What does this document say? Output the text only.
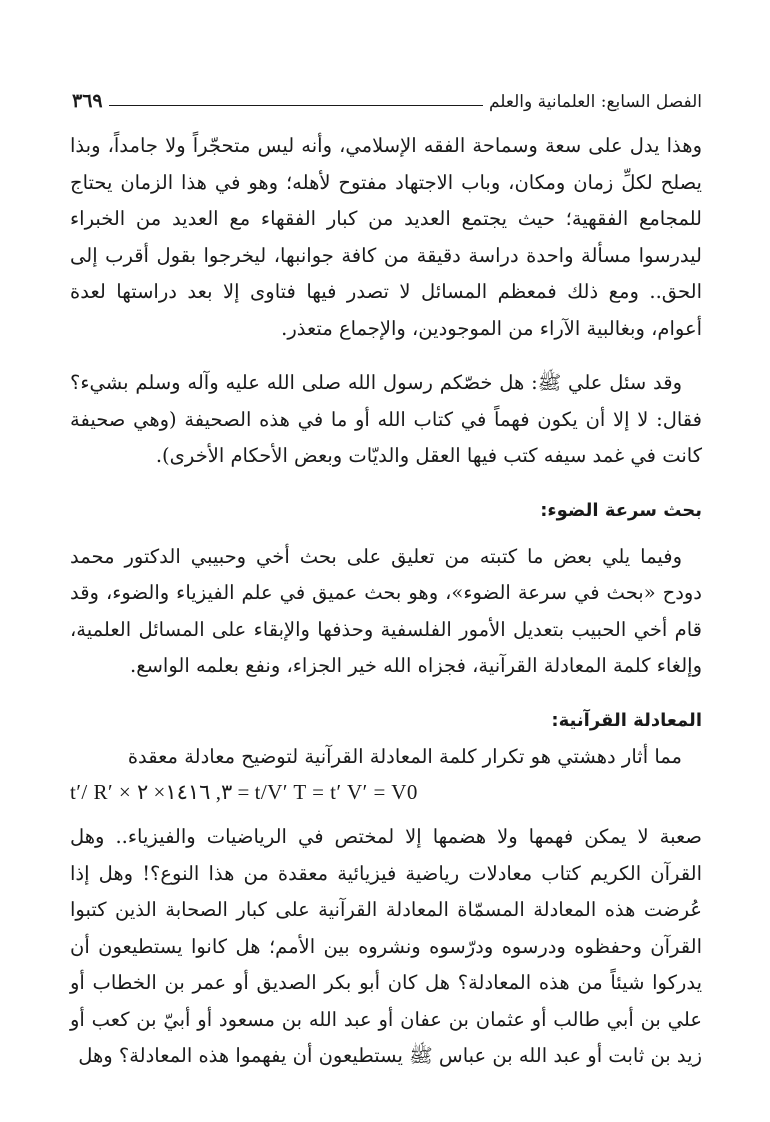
الفصل السابع: العلمانية والعلم
٣٦٩

وهذا يدل على سعة وسماحة الفقه الإسلامي، وأنه ليس متحجّراً ولا جامداً، وبذا يصلح لكلِّ زمان ومكان، وباب الاجتهاد مفتوح لأهله؛ وهو في هذا الزمان يحتاج للمجامع الفقهية؛ حيث يجتمع العديد من كبار الفقهاء مع العديد من الخبراء ليدرسوا مسألة واحدة دراسة دقيقة من كافة جوانبها، ليخرجوا بقول أقرب إلى الحق.. ومع ذلك فمعظم المسائل لا تصدر فيها فتاوى إلا بعد دراستها لعدة أعوام، وبغالبية الآراء من الموجودين، والإجماع متعذر.

وقد سئل علي ﷺ: هل خصّكم رسول الله صلى الله عليه وآله وسلم بشيء؟ فقال: لا إلا أن يكون فهماً في كتاب الله أو ما في هذه الصحيفة (وهي صحيفة كانت في غمد سيفه كتب فيها العقل والديّات وبعض الأحكام الأخرى).

بحث سرعة الضوء:

وفيما يلي بعض ما كتبته من تعليق على بحث أخي وحبيبي الدكتور محمد دودح «بحث في سرعة الضوء»، وهو بحث عميق في علم الفيزياء والضوء، وقد قام أخي الحبيب بتعديل الأمور الفلسفية وحذفها والإبقاء على المسائل العلمية، وإلغاء كلمة المعادلة القرآنية، فجزاه الله خير الجزاء، ونفع بعلمه الواسع.

المعادلة القرآنية:

مما أثار دهشتي هو تكرار كلمة المعادلة القرآنية لتوضيح معادلة معقدة

t′/ R′ × ٣, ١٤١٦× ٢ = t/V′ T = t′ V′ = V0

صعبة لا يمكن فهمها ولا هضمها إلا لمختص في الرياضيات والفيزياء.. وهل القرآن الكريم كتاب معادلات رياضية فيزيائية معقدة من هذا النوع؟! وهل إذا عُرضت هذه المعادلة المسمّاة المعادلة القرآنية على كبار الصحابة الذين كتبوا القرآن وحفظوه ودرسوه ودرّسوه ونشروه بين الأمم؛ هل كانوا يستطيعون أن يدركوا شيئاً من هذه المعادلة؟ هل كان أبو بكر الصديق أو عمر بن الخطاب أو علي بن أبي طالب أو عثمان بن عفان أو عبد الله بن مسعود أو أبيّ بن كعب أو زيد بن ثابت أو عبد الله بن عباس ﷺ يستطيعون أن يفهموا هذه المعادلة؟ وهل
